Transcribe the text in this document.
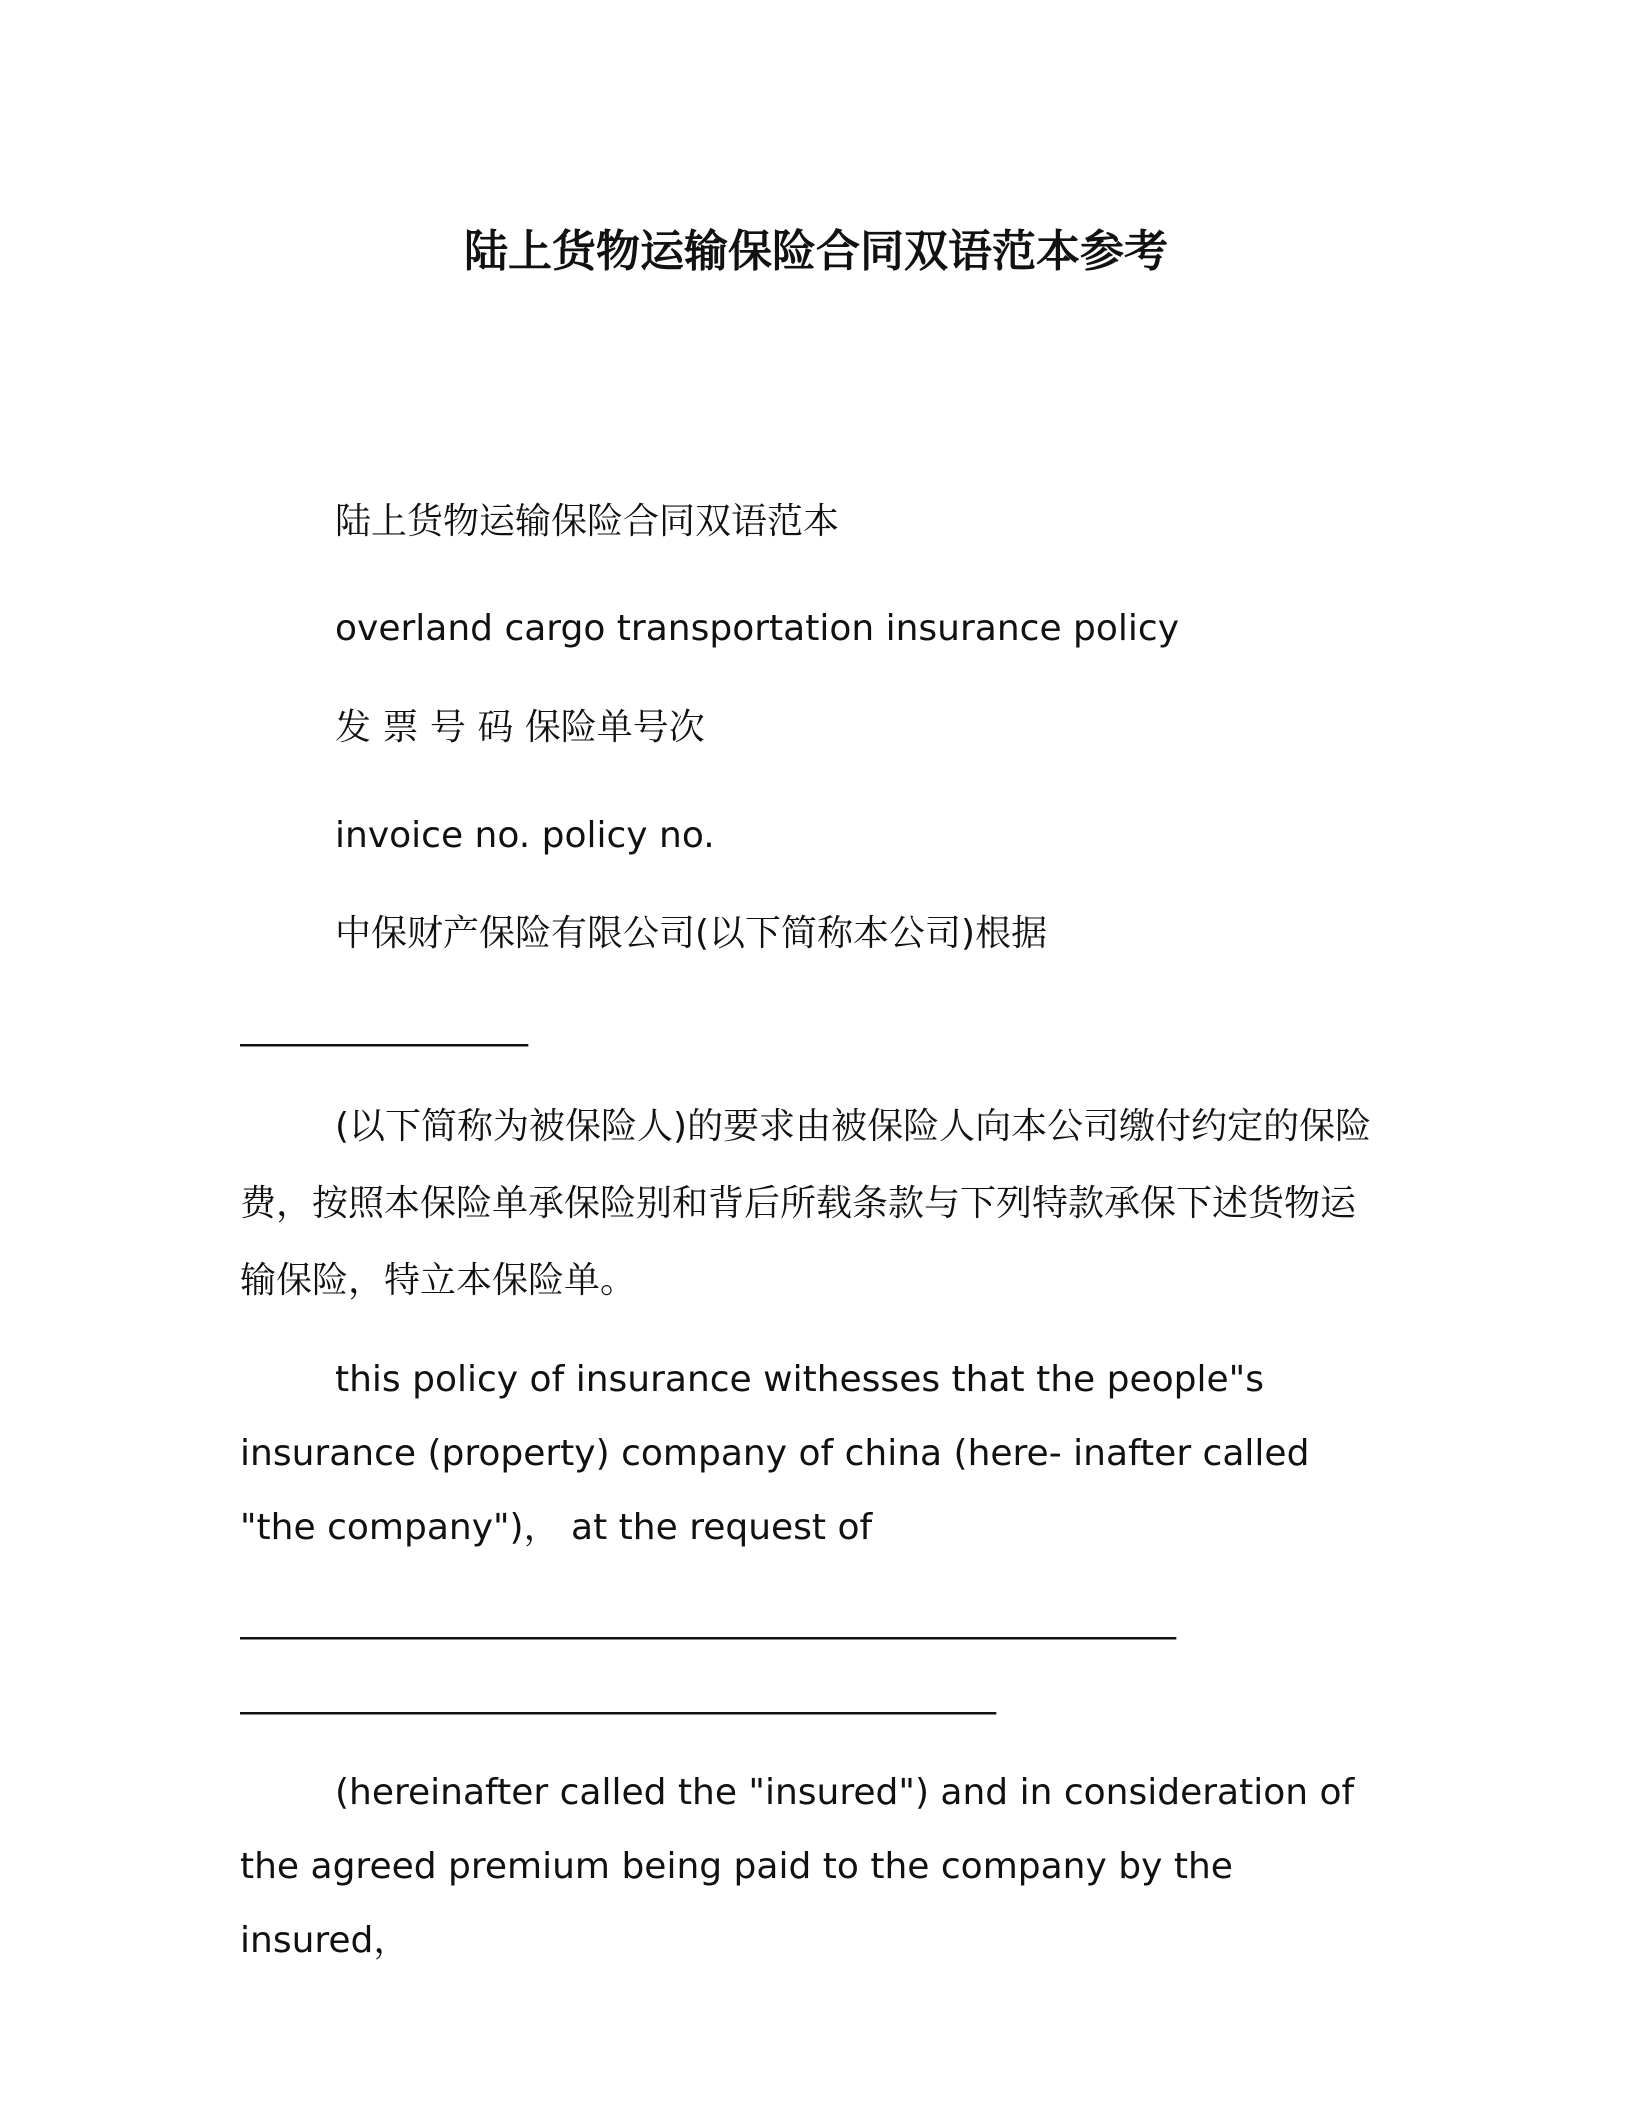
陆上货物运输保险合同双语范本参考
陆上货物运输保险合同双语范本
overland cargo transportation insurance policy
发 票 号 码 保险单号次
invoice no. policy no.
中保财产保险有限公司(以下简称本公司)根据
________________
(以下简称为被保险人)的要求由被保险人向本公司缴付约定的保险费，按照本保险单承保险别和背后所载条款与下列特款承保下述货物运输保险，特立本保险单。
this policy of insurance withesses that the people"s insurance (property) company of china (here- inafter called "the company")， at the request of
____________________________________________________
__________________________________________
(hereinafter called the "insured") and in consideration of the agreed premium being paid to the company by the insured，
